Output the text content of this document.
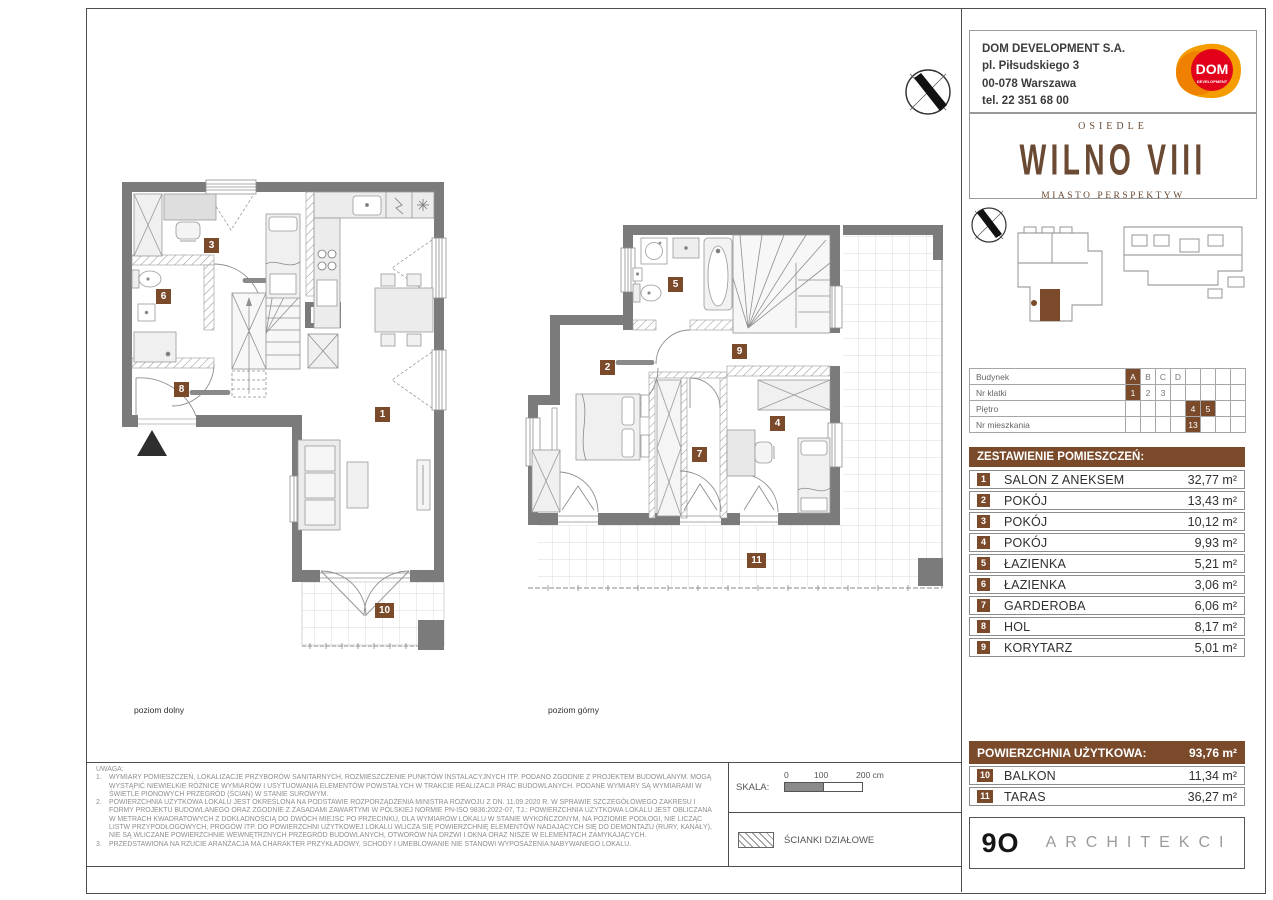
3
6
8
1
10
poziom dolny
5
2
9
4
7
11
poziom górny
UWAGA:
1.	WYMIARY POMIESZCZEŃ, LOKALIZACJE PRZYBORÓW SANITARNYCH, ROZMIESZCZENIE PUNKTÓW INSTALACYJNYCH ITP. PODANO ZGODNIE Z PROJEKTEM BUDOWLANYM. MOGĄ WYSTĄPIĆ NIEWIELKIE RÓŻNICE WYMIARÓW I USYTUOWANIA ELEMENTÓW POWSTAŁYCH W TRAKCIE REALIZACJI PRAC BUDOWLANYCH. PODANE WYMIARY SĄ WYMIARAMI W ŚWIETLE PIONOWYCH PRZEGRÓD (ŚCIAN) W STANIE SUROWYM.
2.	POWIERZCHNIA UŻYTKOWA LOKALU JEST OKREŚLONA NA PODSTAWIE ROZPORZĄDZENIA MINISTRA ROZWOJU Z DN. 11.09.2020 R. W SPRAWIE SZCZEGÓŁOWEGO ZAKRESU I FORMY PROJEKTU BUDOWLANEGO ORAZ ZGODNIE Z ZASADAMI ZAWARTYMI W POLSKIEJ NORMIE PN-ISO 9836:2022-07, TJ.: POWIERZCHNIA UŻYTKOWA LOKALU JEST OBLICZANA W METRACH KWADRATOWYCH Z DOKŁADNOŚCIĄ DO DWÓCH MIEJSC PO PRZECINKU, DLA WYMIARÓW LOKALU W STANIE WYKOŃCZONYM, NA POZIOMIE PODŁOGI, NIE LICZĄC LISTW PRZYPODŁOGOWYCH, PROGÓW ITP. DO POWIERZCHNI UŻYTKOWEJ LOKALU WLICZA SIĘ POWIERZCHNIĘ ELEMENTÓW NADAJĄCYCH SIĘ DO DEMONTAŻU (RURY, KANAŁY), NIE SĄ WLICZANE POWIERZCHNIE WEWNĘTRZNYCH PRZEGRÓD BUDOWLANYCH, OTWORÓW NA DRZWI I OKNA ORAZ NISZE W ELEMENTACH ZAMYKAJĄCYCH.
3.	PRZEDSTAWIONA NA RZUCIE ARANŻACJA MA CHARAKTER PRZYKŁADOWY, SCHODY I UMEBLOWANIE NIE STANOWI WYPOSAŻENIA NABYWANEGO LOKALU.
SKALA:
0	100	200 cm
ŚCIANKI DZIAŁOWE
DOM DEVELOPMENT S.A.
pl. Piłsudskiego 3
00-078 Warszawa
tel. 22 351 68 00
DOM
DEVELOPMENT
OSIEDLE
WILNO VIII
MIASTO PERSPEKTYW
Budynek	A	B	C	D				
Nr klatki	1	2	3					
Piętro					4	5		
Nr mieszkania					13			
ZESTAWIENIE POMIESZCZEŃ:
1	SALON Z ANEKSEM	32,77 m²
2	POKÓJ	13,43 m²
3	POKÓJ	10,12 m²
4	POKÓJ	9,93 m²
5	ŁAZIENKA	5,21 m²
6	ŁAZIENKA	3,06 m²
7	GARDEROBA	6,06 m²
8	HOL	8,17 m²
9	KORYTARZ	5,01 m²
POWIERZCHNIA UŻYTKOWA:	93,76 m²
10 BALKON	11,34 m²
11 TARAS	36,27 m²
9O ARCHITEKCI
